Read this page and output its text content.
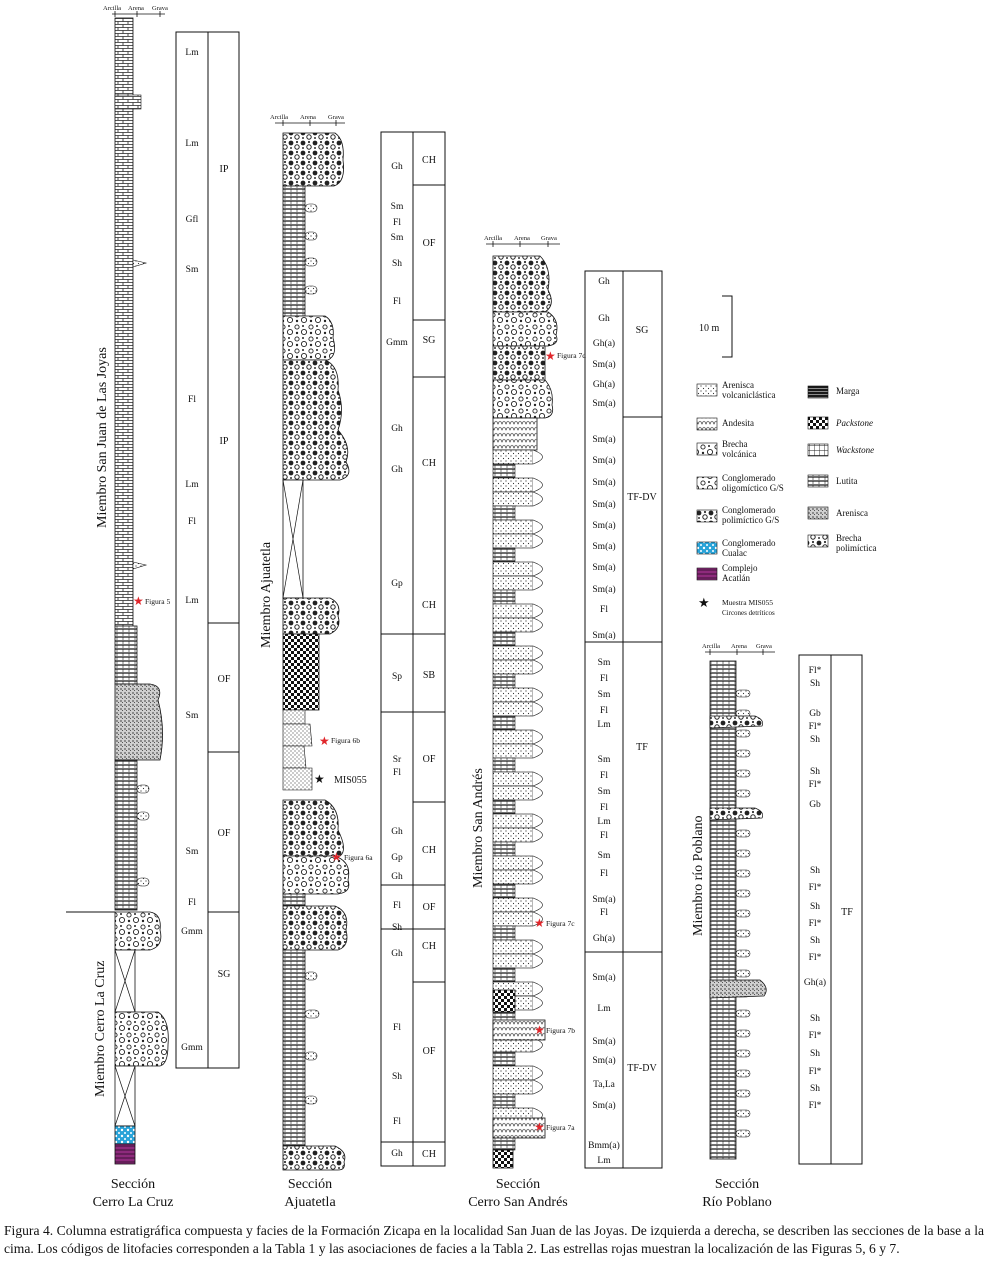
Arcilla Arena Grava
Miembro San Juan de Las Joyas
Miembro Cerro La Cruz
★ Figura 5
Lm
Lm
Gfl
Sm
Fl
Lm
Fl
Lm
Sm
Sm
Fl
Gmm
Gmm
IP
IP
OF
OF
SG
Sección
Cerro La Cruz
Arcilla Arena Grava
Miembro Ajuatetla
★ Figura 6b
★ MIS055
★ Figura 6a
Gh
Sm
Fl
Sm
Sh
Fl
Gmm
Gh
Gh
Gp
Sp
Sr
Fl
Gh
Gp
Gh
Fl
Sh
Gh
Fl
Sh
Fl
Gh
CH
OF
SG
CH
CH
SB
OF
CH
OF
CH
OF
CH
Sección
Ajuatetla
Arcilla Arena Grava
Miembro San Andrés
★ Figura 7d
★ Figura 7c
★ Figura 7b
★ Figura 7a
Gh
Gh
Gh(a)
Sm(a)
Gh(a)
Sm(a)
Sm(a)
Sm(a)
Sm(a)
Sm(a)
Sm(a)
Sm(a)
Sm(a)
Sm(a)
Fl
Sm(a)
Sm
Fl
Sm
Fl
Lm
Sm
Fl
Sm
Fl
Lm
Fl
Sm
Fl
Sm(a)
Fl
Gh(a)
Sm(a)
Lm
Sm(a)
Sm(a)
Ta,La
Sm(a)
Bmm(a)
Lm
SG
TF-DV
TF
TF-DV
Sección
Cerro San Andrés
Arcilla Arena Grava
Miembro río Poblano
Fl*
Sh
Gb
Fl*
Sh
Sh
Fl*
Gb
Sh
Fl*
Sh
Fl*
Sh
Fl*
Gh(a)
Sh
Fl*
Sh
Fl*
Sh
Fl*
TF
Sección
Río Poblano
10 m
★
Arenisca
volcaniclástica
Andesita
Brecha
volcánica
Conglomerado
oligomíctico G/S
Conglomerado
polimíctico G/S
Conglomerado
Cualac
Complejo
Acatlán
Muestra MIS055
Circones detríticos
Marga
Packstone
Wackstone
Lutita
Arenisca
Brecha
polimíctica
Figura 4. Columna estratigráfica compuesta y facies de la Formación Zicapa en la localidad San Juan de las Joyas. De izquierda a derecha, se describen las secciones de la base a la cima. Los códigos de litofacies corresponden a la Tabla 1 y las asociaciones de facies a la Tabla 2. Las estrellas rojas muestran la localización de las Figuras 5, 6 y 7.
